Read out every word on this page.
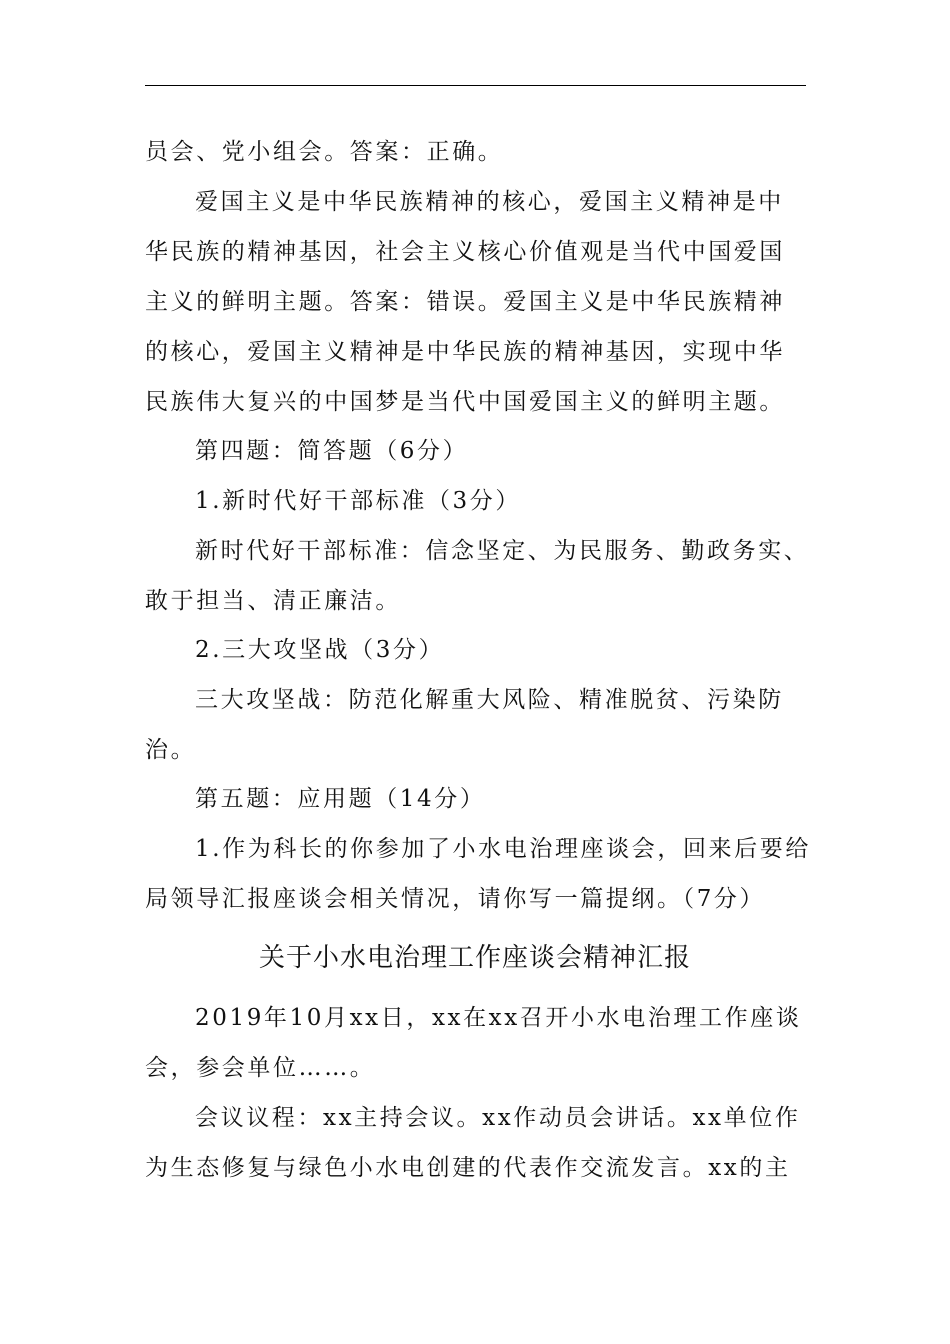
员会、党小组会。答案：正确。
爱国主义是中华民族精神的核心，爱国主义精神是中
华民族的精神基因，社会主义核心价值观是当代中国爱国
主义的鲜明主题。答案：错误。爱国主义是中华民族精神
的核心，爱国主义精神是中华民族的精神基因，实现中华
民族伟大复兴的中国梦是当代中国爱国主义的鲜明主题。
第四题：简答题（6分）
1.新时代好干部标准（3分）
新时代好干部标准：信念坚定、为民服务、勤政务实、
敢于担当、清正廉洁。
2.三大攻坚战（3分）
三大攻坚战：防范化解重大风险、精准脱贫、污染防
治。
第五题：应用题（14分）
1.作为科长的你参加了小水电治理座谈会，回来后要给
局领导汇报座谈会相关情况，请你写一篇提纲。（7分）
关于小水电治理工作座谈会精神汇报
2019年10月xx日，xx在xx召开小水电治理工作座谈
会，参会单位……。
会议议程：xx主持会议。xx作动员会讲话。xx单位作
为生态修复与绿色小水电创建的代表作交流发言。xx的主
